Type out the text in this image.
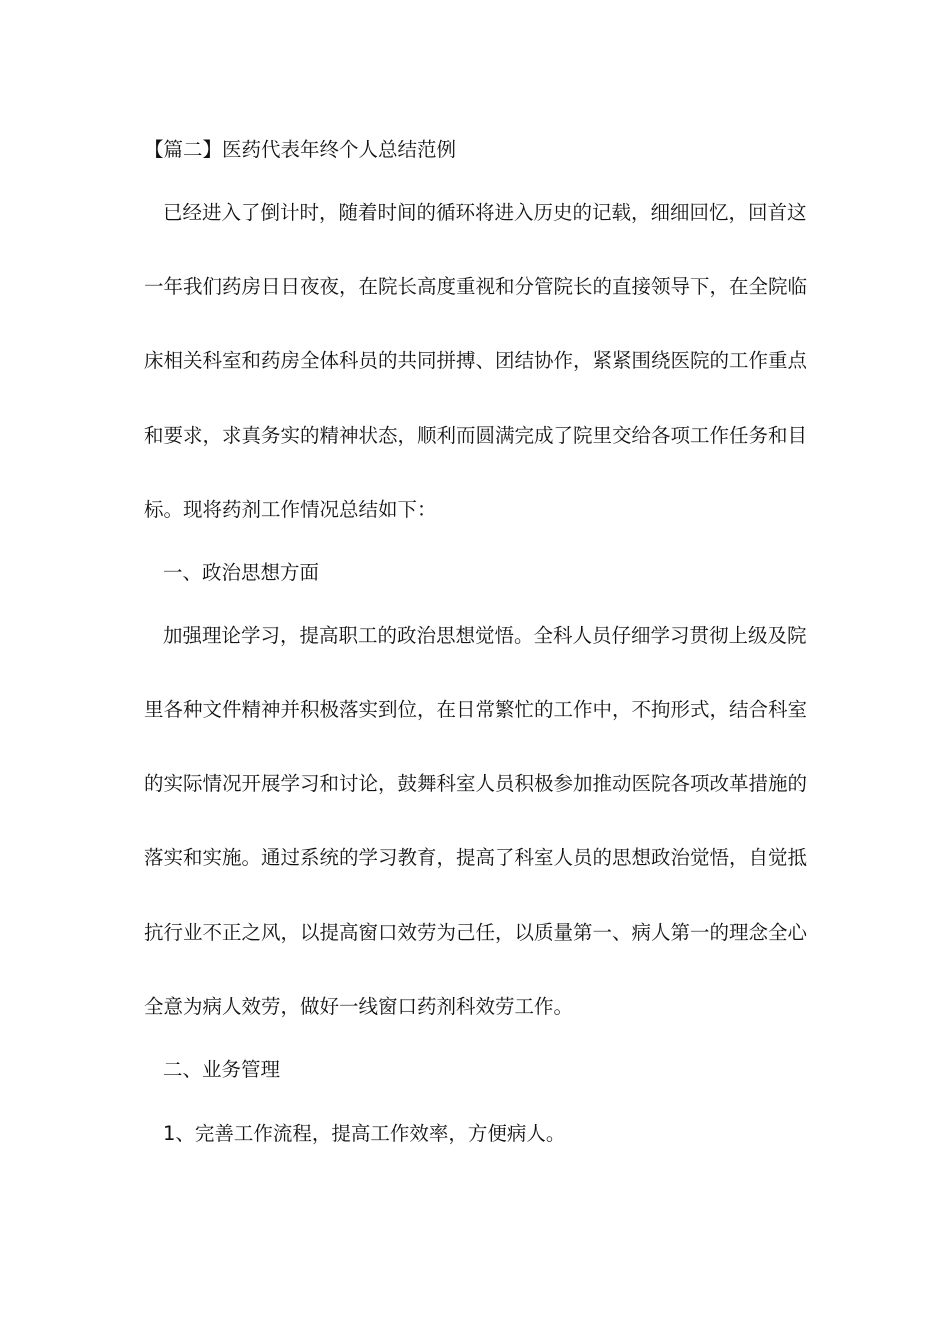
【篇二】医药代表年终个人总结范例
已经进入了倒计时，随着时间的循环将进入历史的记载，细细回忆，回首这
一年我们药房日日夜夜，在院长高度重视和分管院长的直接领导下，在全院临
床相关科室和药房全体科员的共同拼搏、团结协作，紧紧围绕医院的工作重点
和要求，求真务实的精神状态，顺利而圆满完成了院里交给各项工作任务和目
标。现将药剂工作情况总结如下：
一、政治思想方面
加强理论学习，提高职工的政治思想觉悟。全科人员仔细学习贯彻上级及院
里各种文件精神并积极落实到位，在日常繁忙的工作中，不拘形式，结合科室
的实际情况开展学习和讨论，鼓舞科室人员积极参加推动医院各项改革措施的
落实和实施。通过系统的学习教育，提高了科室人员的思想政治觉悟，自觉抵
抗行业不正之风，以提高窗口效劳为己任，以质量第一、病人第一的理念全心
全意为病人效劳，做好一线窗口药剂科效劳工作。
二、业务管理
1、完善工作流程，提高工作效率，方便病人。
